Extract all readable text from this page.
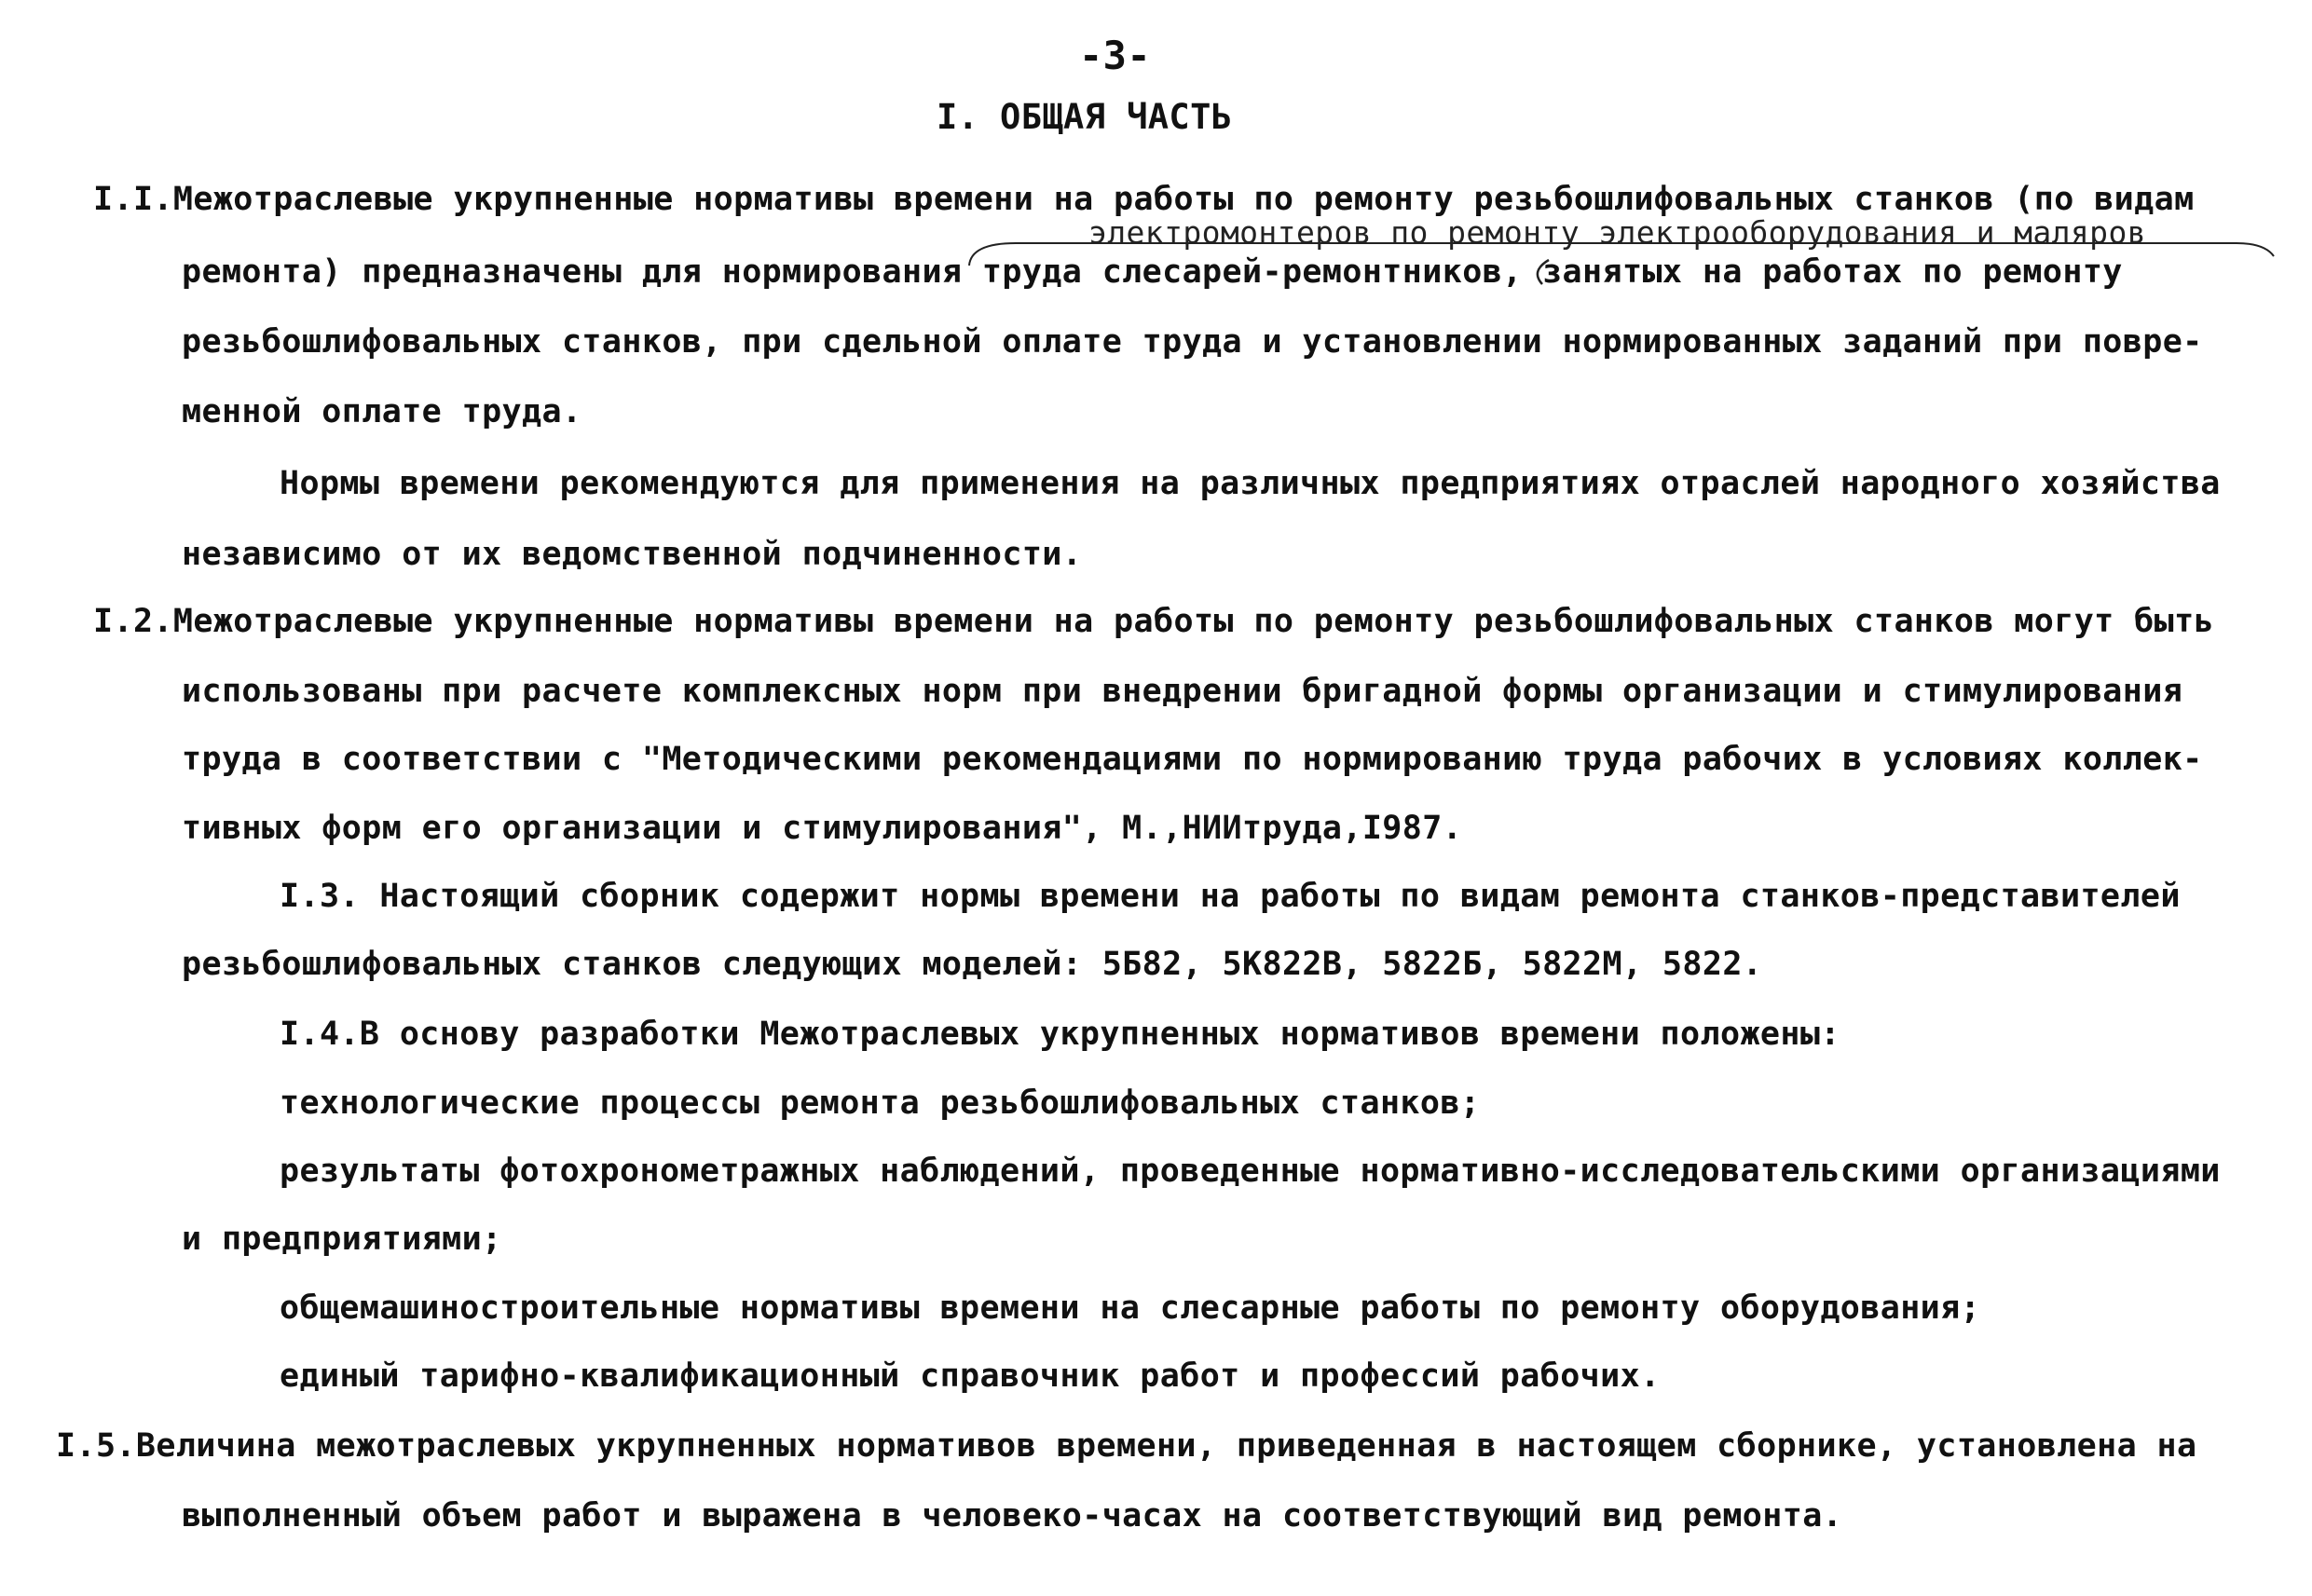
-3-
I. ОБЩАЯ ЧАСТЬ
электромонтеров по ремонту электрооборудования и маляров
I.I.Межотраслевые укрупненные нормативы времени на работы по ремонту резьбошлифовальных станков (по видам
ремонта) предназначены для нормирования труда слесарей-ремонтников, занятых на работах по ремонту
резьбошлифовальных станков, при сдельной оплате труда и установлении нормированных заданий при повре-
менной оплате труда.
Нормы времени рекомендуются для применения на различных предприятиях отраслей народного хозяйства
независимо от их ведомственной подчиненности.
I.2.Межотраслевые укрупненные нормативы времени на работы по ремонту резьбошлифовальных станков могут быть
использованы при расчете комплексных норм при внедрении бригадной формы организации и стимулирования
труда в соответствии с "Методическими рекомендациями по нормированию труда рабочих в условиях коллек-
тивных форм его организации и стимулирования", М.,НИИтруда,I987.
I.3. Настоящий сборник содержит нормы времени на работы по видам ремонта станков-представителей
резьбошлифовальных станков следующих моделей: 5Б82, 5К822В, 5822Б, 5822М, 5822.
I.4.В основу разработки Межотраслевых укрупненных нормативов времени положены:
технологические процессы ремонта резьбошлифовальных станков;
результаты фотохронометражных наблюдений, проведенные нормативно-исследовательскими организациями
и предприятиями;
общемашиностроительные нормативы времени на слесарные работы по ремонту оборудования;
единый тарифно-квалификационный справочник работ и профессий рабочих.
I.5.Величина межотраслевых укрупненных нормативов времени, приведенная в настоящем сборнике, установлена на
выполненный объем работ и выражена в человеко-часах на соответствующий вид ремонта.
